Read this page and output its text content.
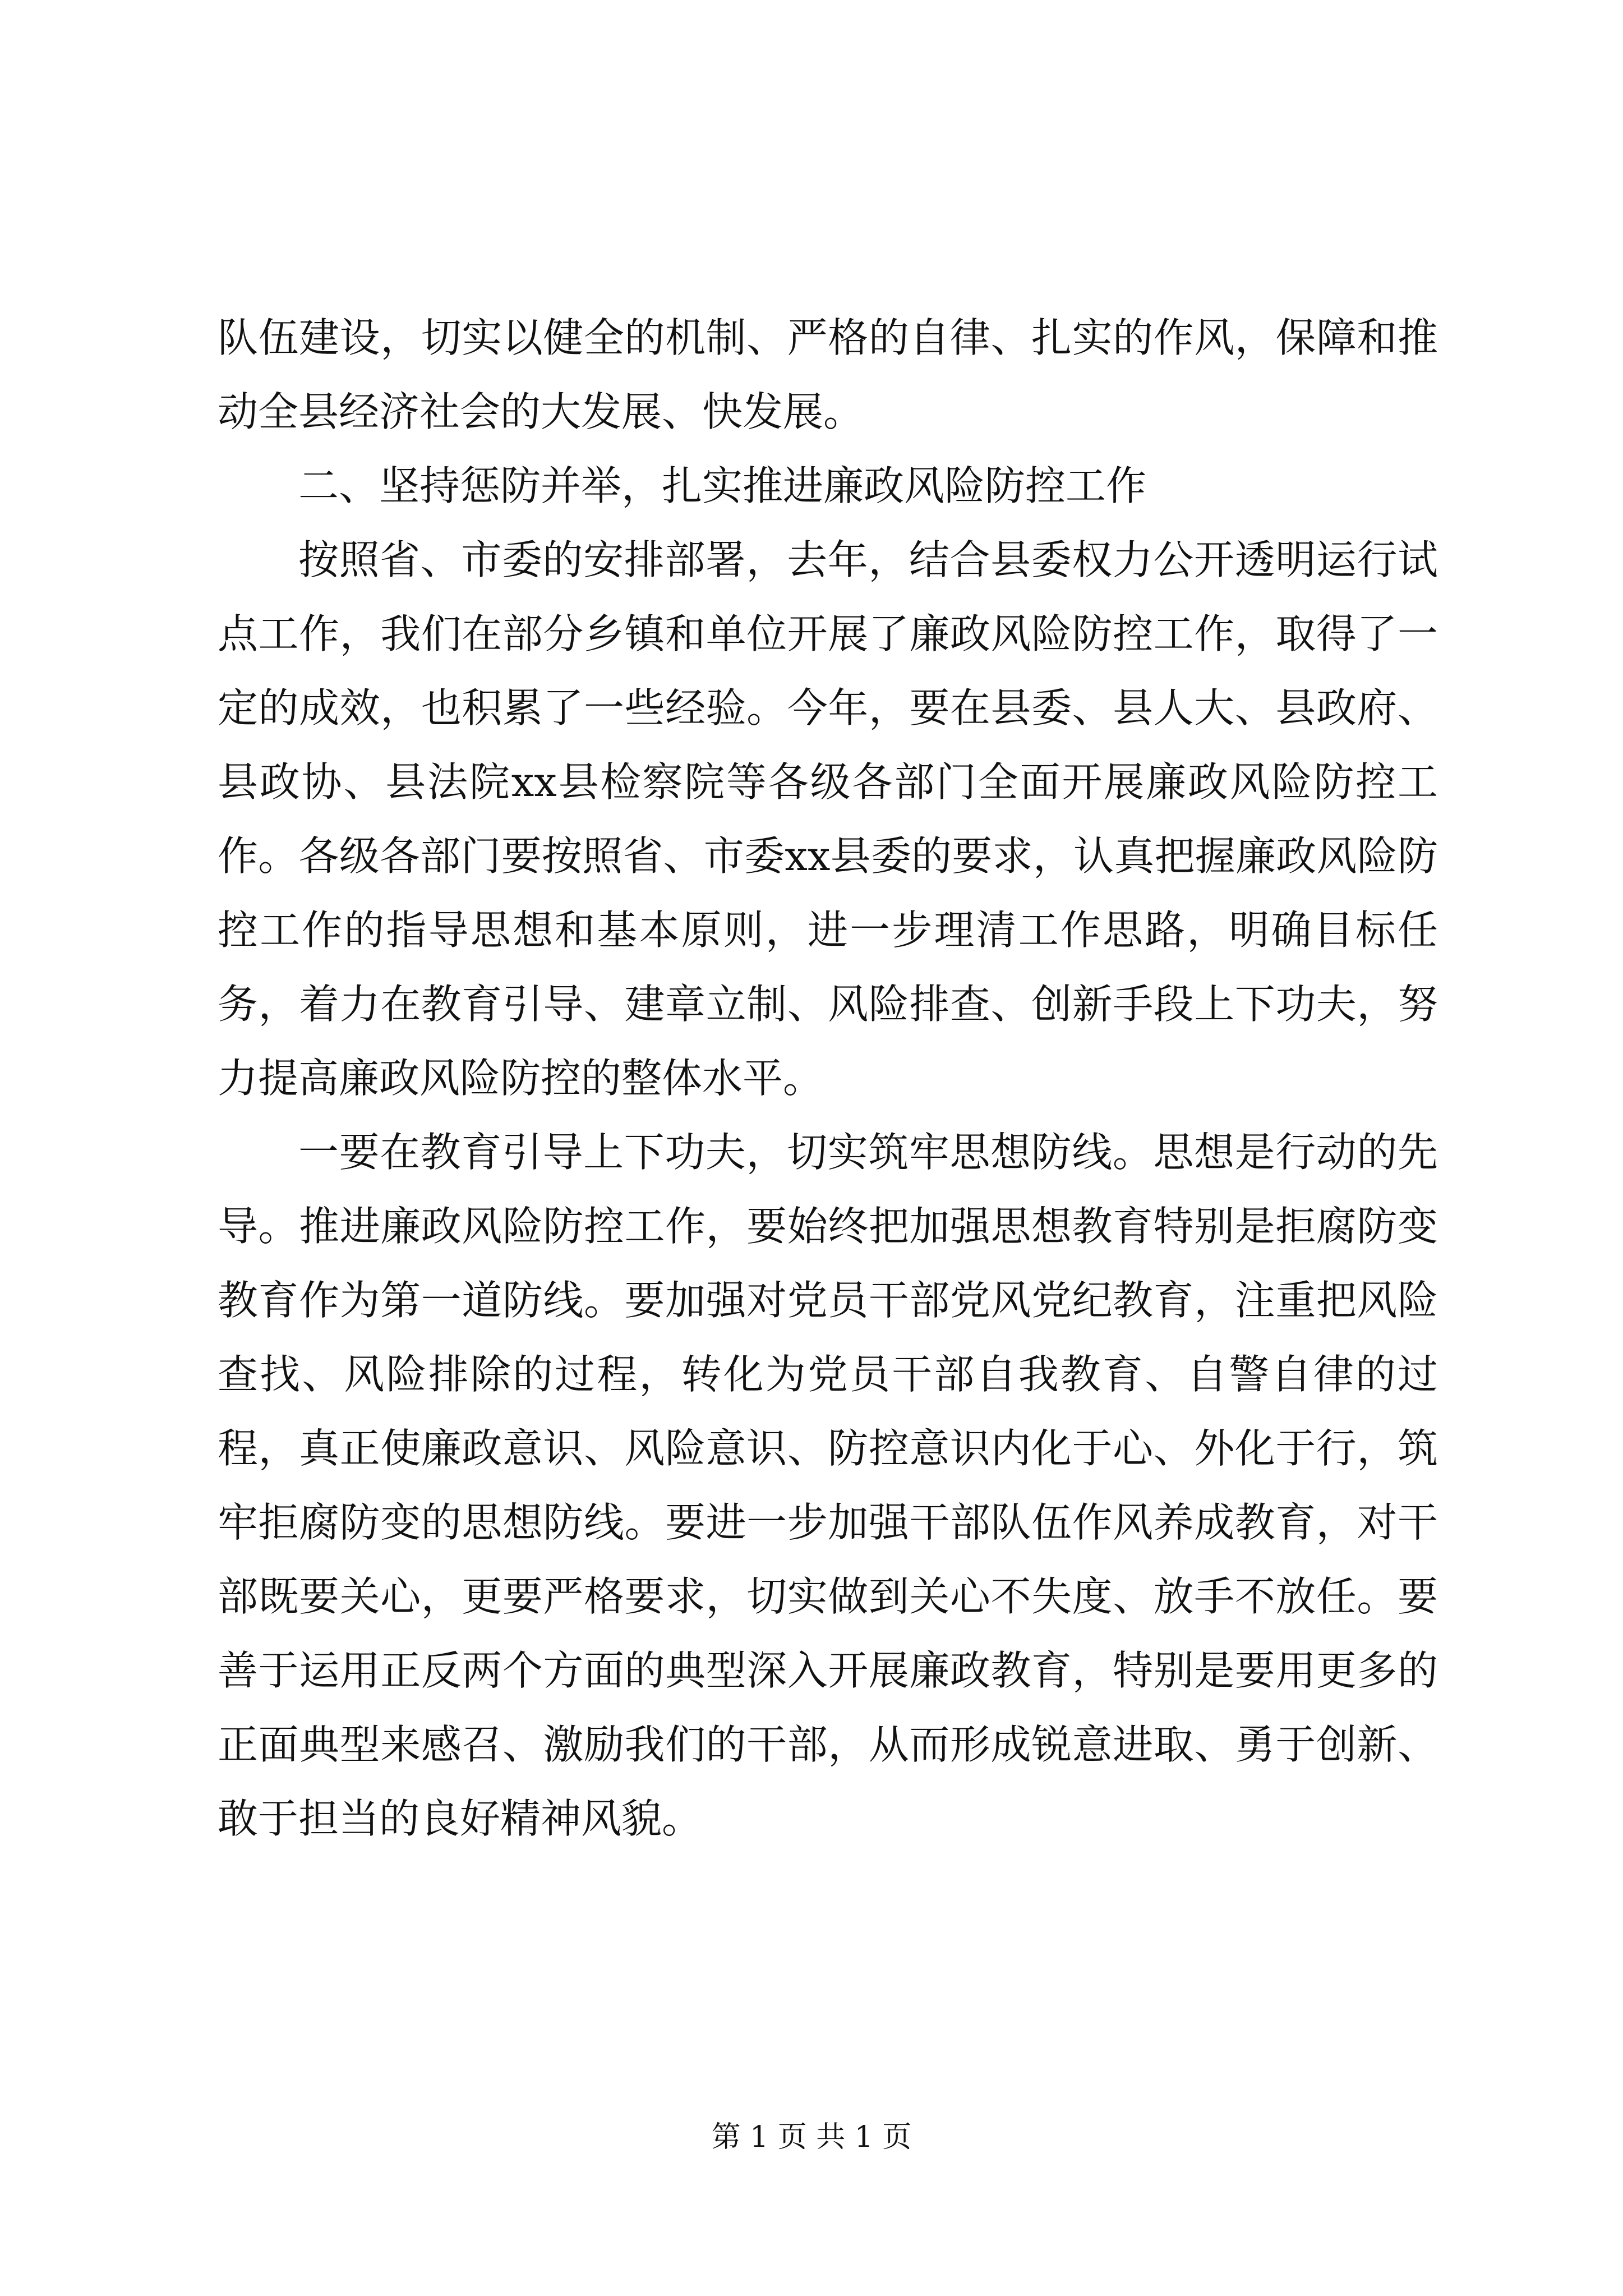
队伍建设，切实以健全的机制、严格的自律、扎实的作风，保障和推动全县经济社会的大发展、快发展。

二、坚持惩防并举，扎实推进廉政风险防控工作

按照省、市委的安排部署，去年，结合县委权力公开透明运行试点工作，我们在部分乡镇和单位开展了廉政风险防控工作，取得了一定的成效，也积累了一些经验。今年，要在县委、县人大、县政府、县政协、县法院xx县检察院等各级各部门全面开展廉政风险防控工作。各级各部门要按照省、市委xx县委的要求，认真把握廉政风险防控工作的指导思想和基本原则，进一步理清工作思路，明确目标任务，着力在教育引导、建章立制、风险排查、创新手段上下功夫，努力提高廉政风险防控的整体水平。

一要在教育引导上下功夫，切实筑牢思想防线。思想是行动的先导。推进廉政风险防控工作，要始终把加强思想教育特别是拒腐防变教育作为第一道防线。要加强对党员干部党风党纪教育，注重把风险查找、风险排除的过程，转化为党员干部自我教育、自警自律的过程，真正使廉政意识、风险意识、防控意识内化于心、外化于行，筑牢拒腐防变的思想防线。要进一步加强干部队伍作风养成教育，对干部既要关心，更要严格要求，切实做到关心不失度、放手不放任。要善于运用正反两个方面的典型深入开展廉政教育，特别是要用更多的正面典型来感召、激励我们的干部，从而形成锐意进取、勇于创新、敢于担当的良好精神风貌。

第 1 页 共 1 页
